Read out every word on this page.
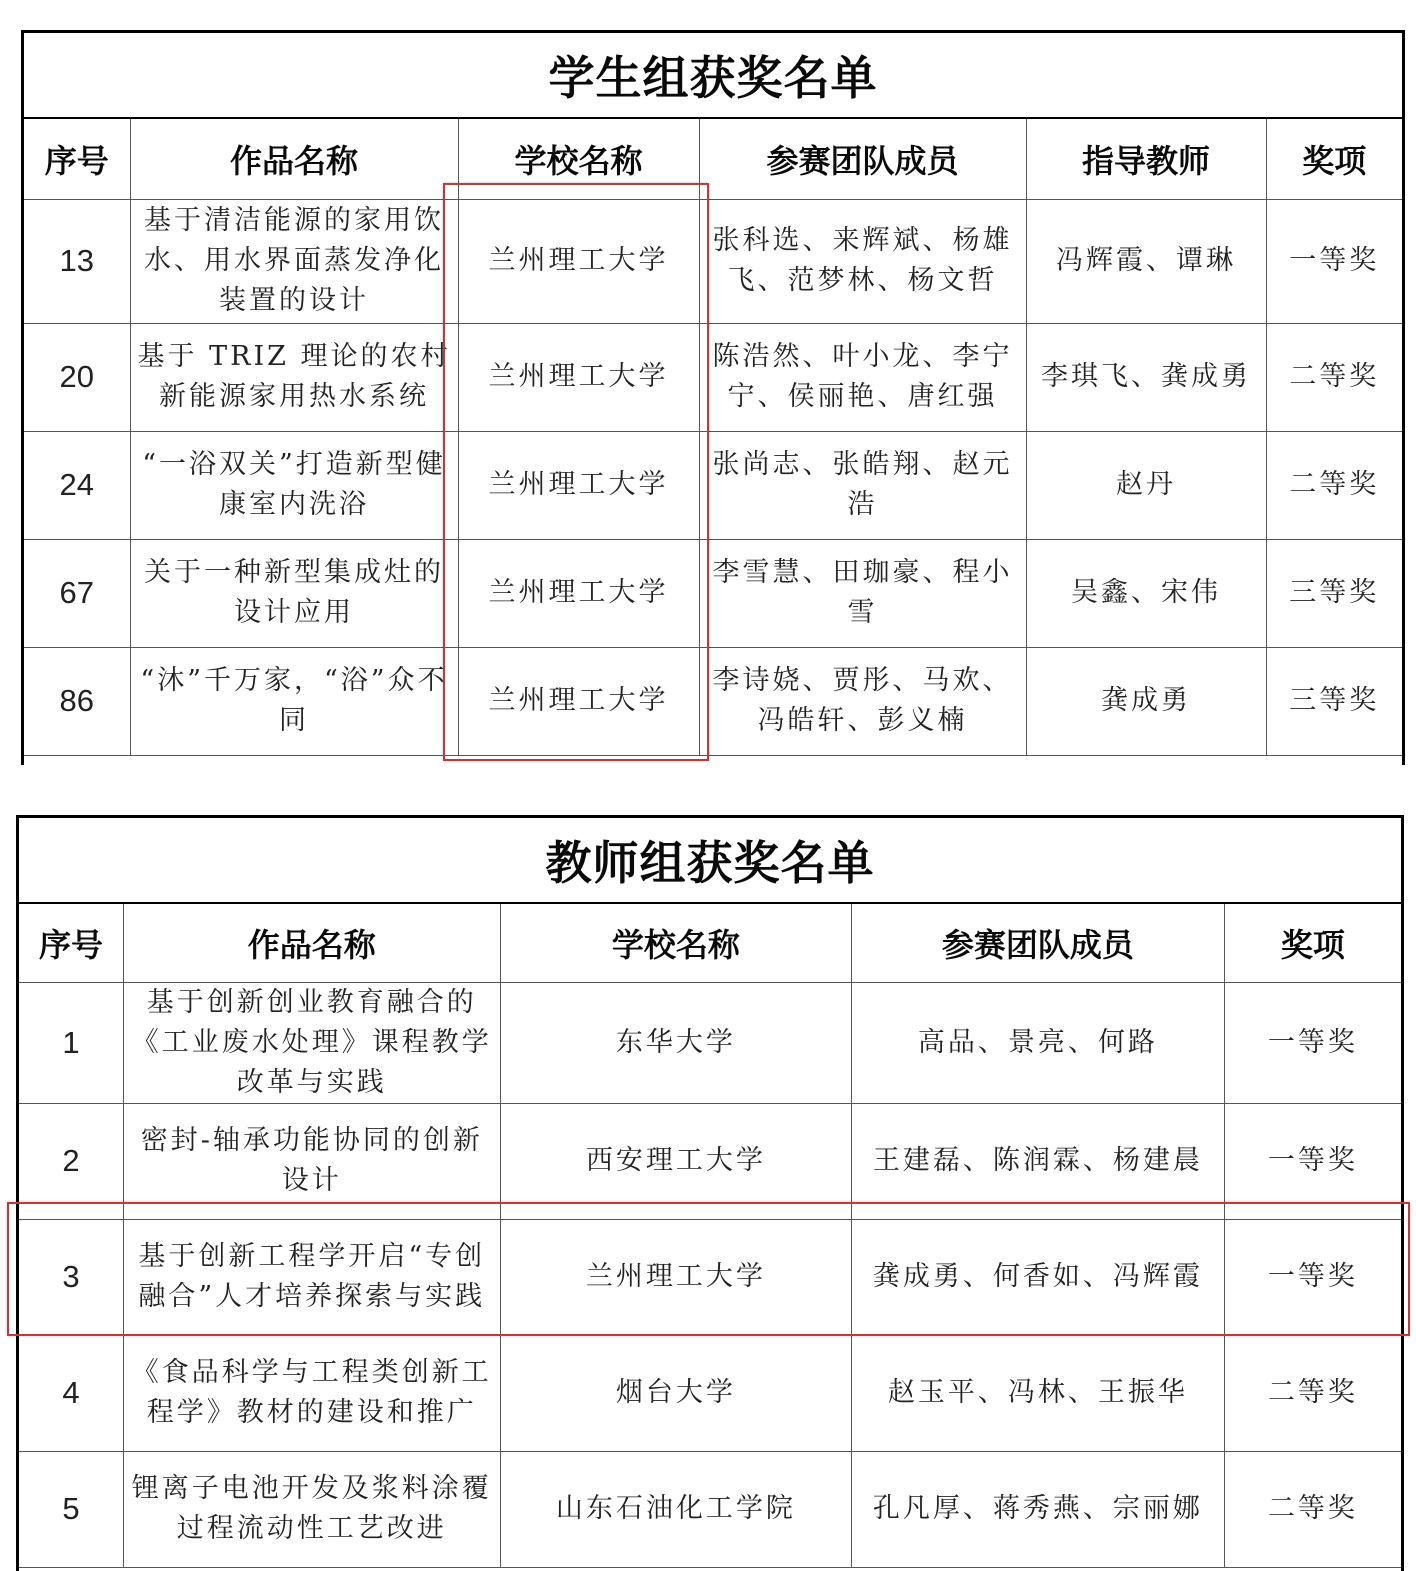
学生组获奖名单
序号	作品名称	学校名称	参赛团队成员	指导教师	奖项
13	基于清洁能源的家用饮水、用水界面蒸发净化装置的设计	兰州理工大学	张科选、来辉斌、杨雄飞、范梦林、杨文哲	冯辉霞、谭琳	一等奖
20	基于 TRIZ 理论的农村新能源家用热水系统	兰州理工大学	陈浩然、叶小龙、李宁宁、侯丽艳、唐红强	李琪飞、龚成勇	二等奖
24	“一浴双关”打造新型健康室内洗浴	兰州理工大学	张尚志、张皓翔、赵元浩	赵丹	二等奖
67	关于一种新型集成灶的设计应用	兰州理工大学	李雪慧、田珈豪、程小雪	吴鑫、宋伟	三等奖
86	“沐”千万家，“浴”众不同	兰州理工大学	李诗娆、贾彤、马欢、冯皓轩、彭义楠	龚成勇	三等奖
教师组获奖名单
序号	作品名称	学校名称	参赛团队成员	奖项
1	基于创新创业教育融合的《工业废水处理》课程教学改革与实践	东华大学	高品、景亮、何路	一等奖
2	密封-轴承功能协同的创新设计	西安理工大学	王建磊、陈润霖、杨建晨	一等奖
3	基于创新工程学开启“专创融合”人才培养探索与实践	兰州理工大学	龚成勇、何香如、冯辉霞	一等奖
4	《食品科学与工程类创新工程学》教材的建设和推广	烟台大学	赵玉平、冯林、王振华	二等奖
5	锂离子电池开发及浆料涂覆过程流动性工艺改进	山东石油化工学院	孔凡厚、蒋秀燕、宗丽娜	二等奖
